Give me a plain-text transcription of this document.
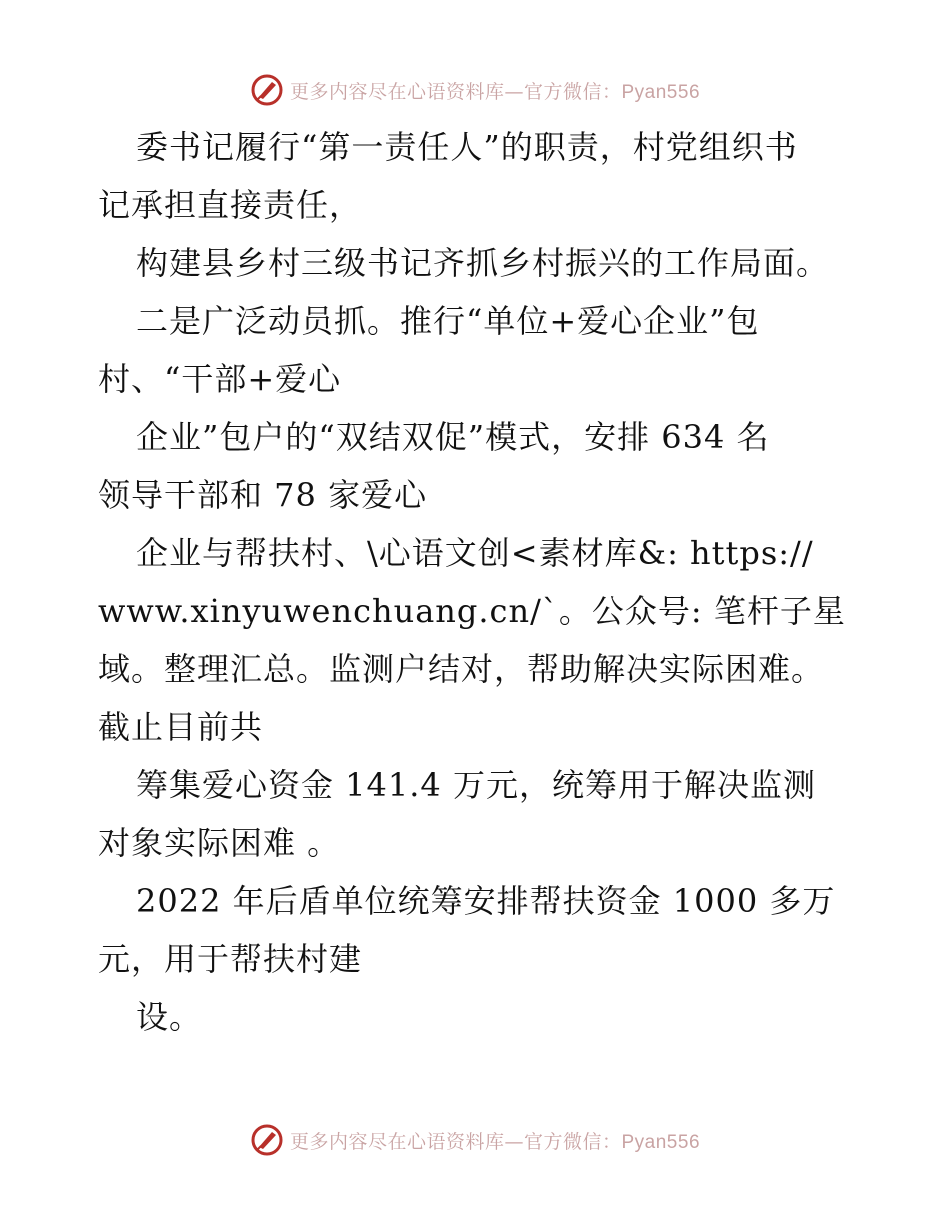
更多内容尽在心语资料库—官方微信：Pyan556
委书记履行“第一责任人”的职责，村党组织书
记承担直接责任，
构建县乡村三级书记齐抓乡村振兴的工作局面。
二是广泛动员抓。推行“单位+爱心企业”包
村、“干部+爱心
企业”包户的“双结双促”模式，安排 634 名
领导干部和 78 家爱心
企业与帮扶村、\心语文创<素材库&: https://
www.xinyuwenchuang.cn/`。公众号: 笔杆子星
域。整理汇总。监测户结对，帮助解决实际困难。
截止目前共
筹集爱心资金 141.4 万元，统筹用于解决监测
对象实际困难 。
2022 年后盾单位统筹安排帮扶资金 1000 多万
元，用于帮扶村建
设。
更多内容尽在心语资料库—官方微信：Pyan556
